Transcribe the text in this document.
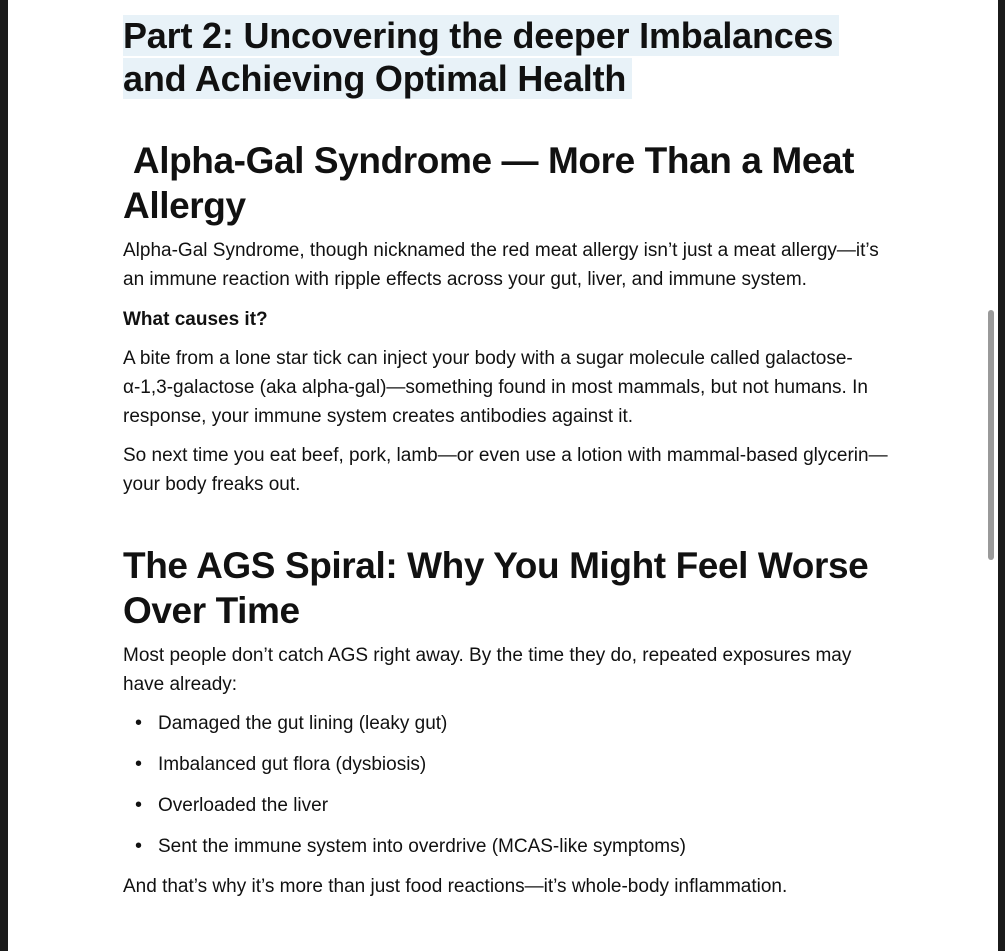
Part 2: Uncovering the deeper Imbalances
and Achieving Optimal Health
Alpha-Gal Syndrome — More Than a Meat
Allergy

Alpha-Gal Syndrome, though nicknamed the red meat allergy isn’t just a meat allergy—it’s an immune reaction with ripple effects across your gut, liver, and immune system.

What causes it?

A bite from a lone star tick can inject your body with a sugar molecule called galactose-α-1,3-galactose (aka alpha-gal)—something found in most mammals, but not humans. In response, your immune system creates antibodies against it.

So next time you eat beef, pork, lamb—or even use a lotion with mammal-based glycerin—your body freaks out.

The AGS Spiral: Why You Might Feel Worse
Over Time

Most people don’t catch AGS right away. By the time they do, repeated exposures may have already:

• Damaged the gut lining (leaky gut)
• Imbalanced gut flora (dysbiosis)
• Overloaded the liver
• Sent the immune system into overdrive (MCAS-like symptoms)

And that’s why it’s more than just food reactions—it’s whole-body inflammation.
